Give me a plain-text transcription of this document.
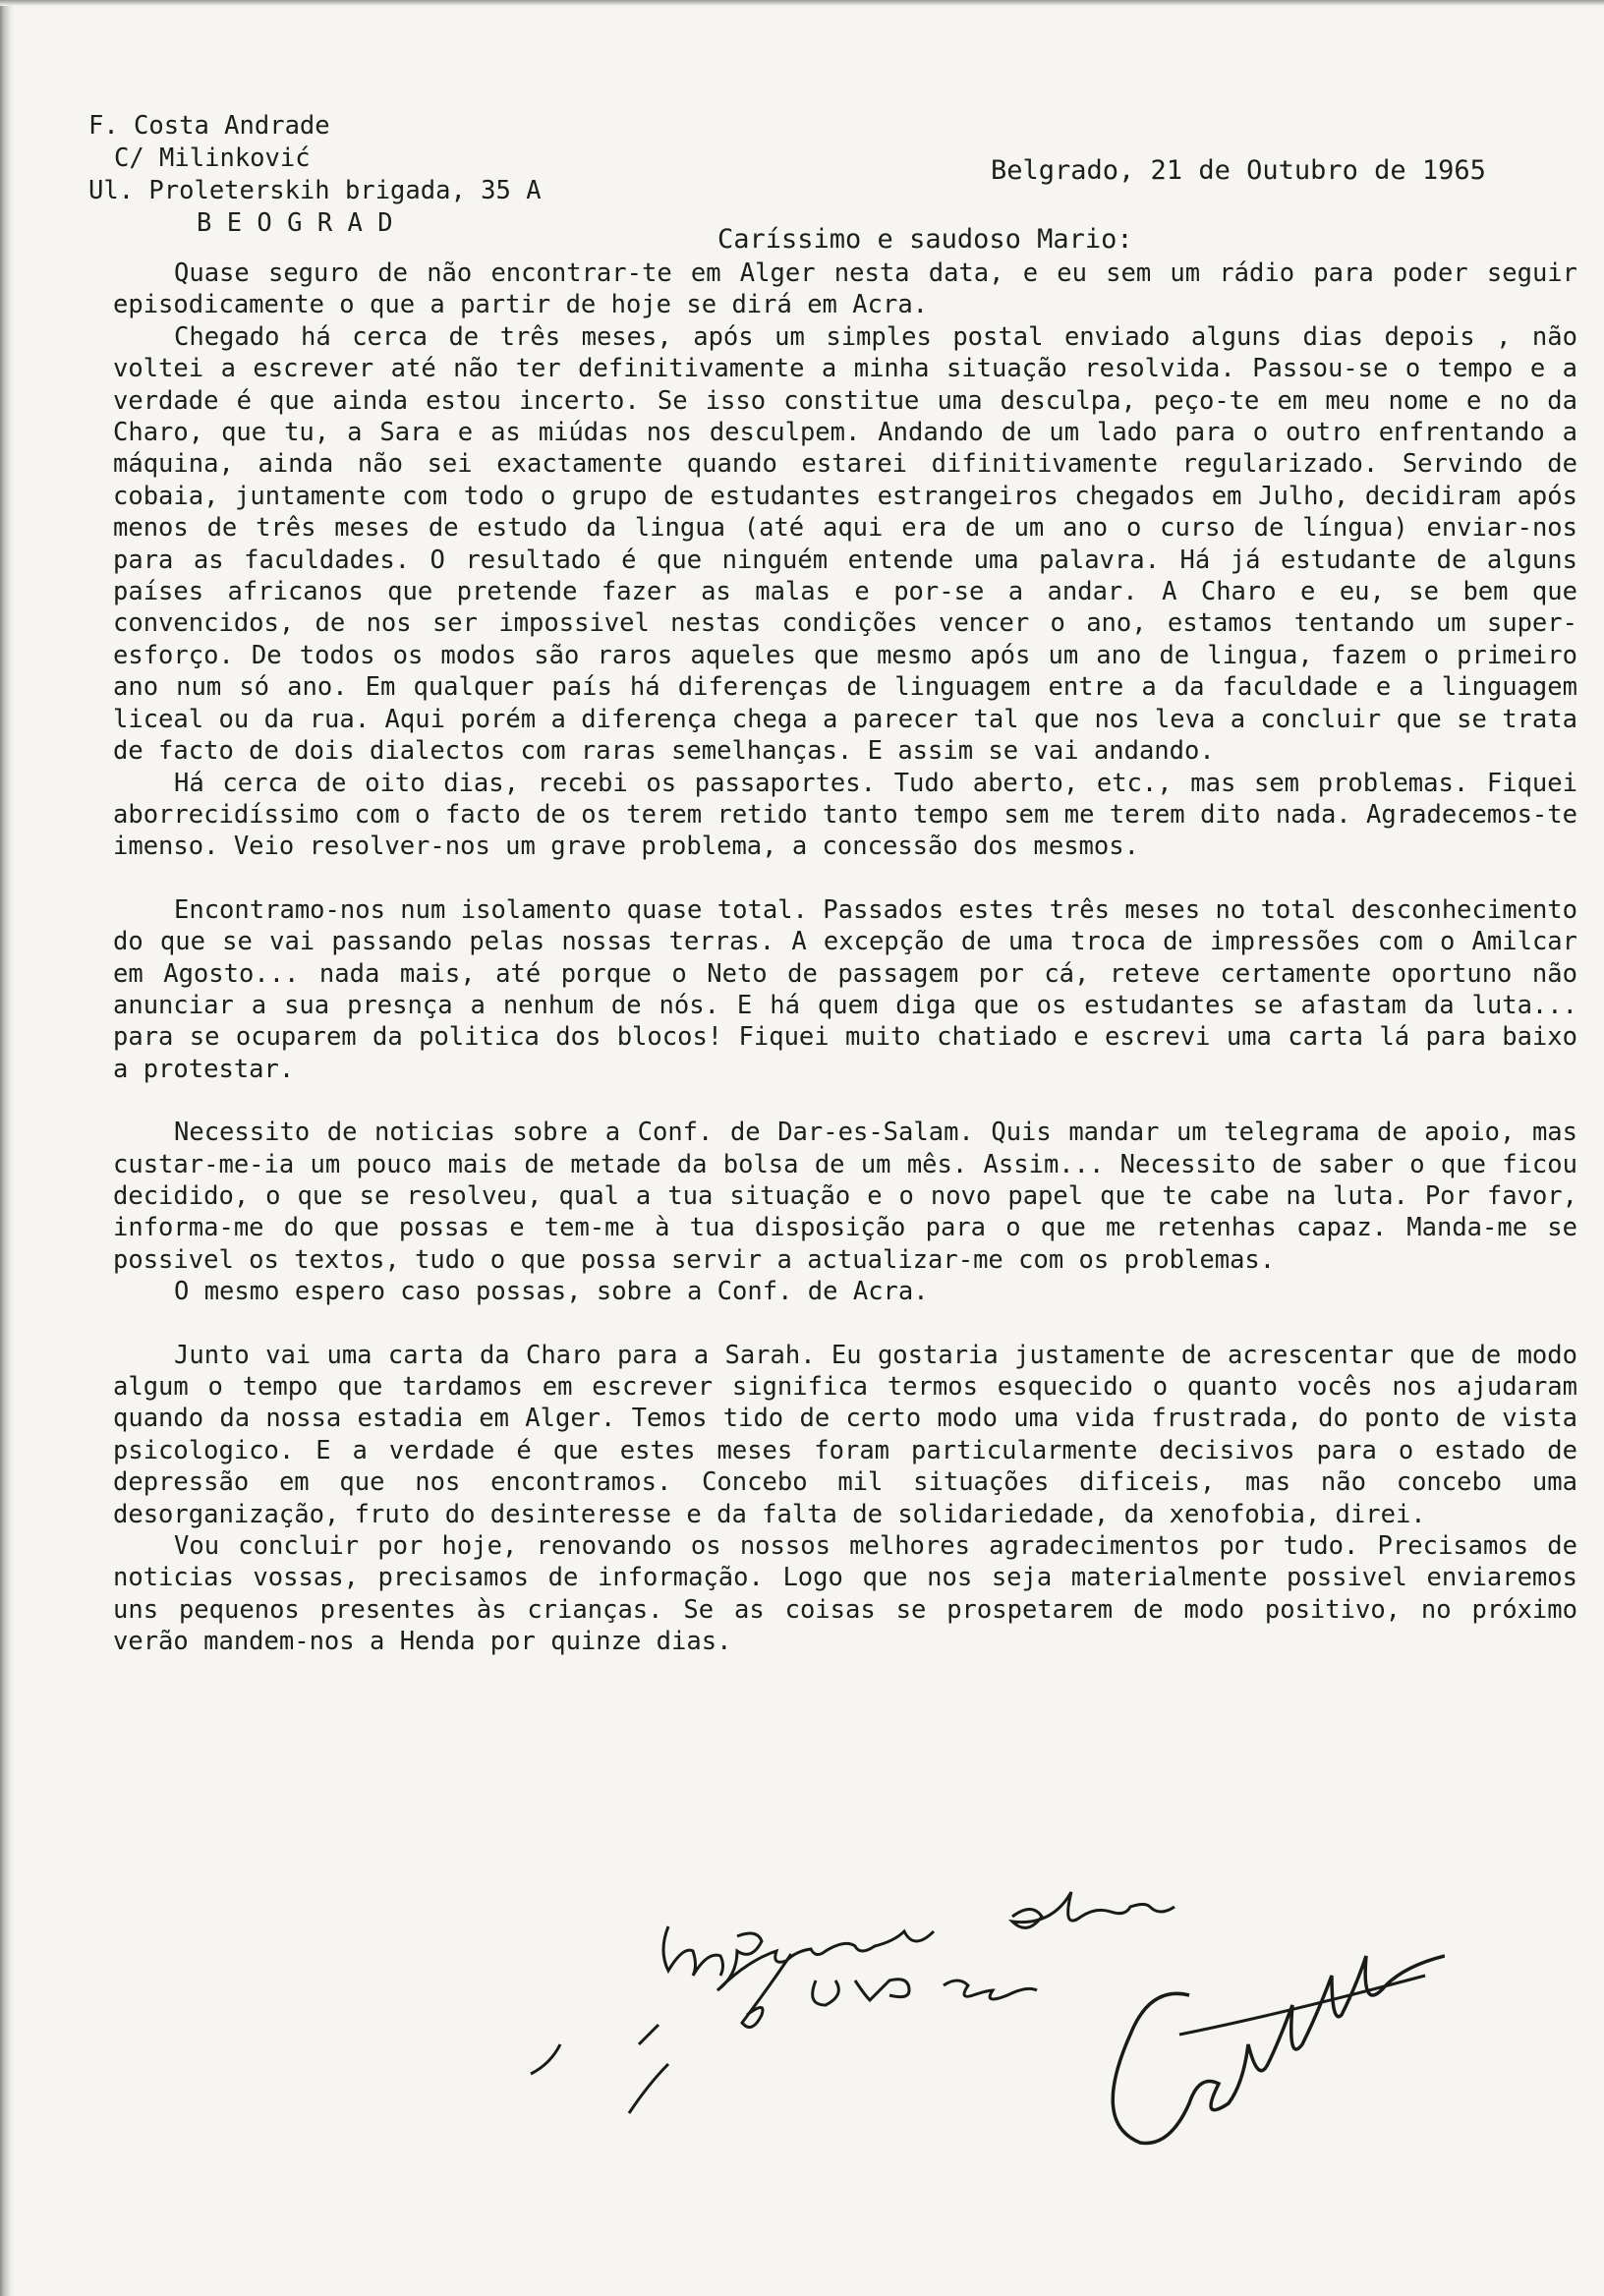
F. Costa Andrade
C/ Milinković
Ul. Proleterskih brigada, 35 A
B E O G R A D
Belgrado, 21 de Outubro de 1965
Caríssimo e saudoso Mario:

Quase seguro de não encontrar-te em Alger nesta data, e eu sem um rádio para poder seguir episodicamente o que a partir de hoje se dirá em Acra.

Chegado há cerca de três meses, após um simples postal enviado alguns dias depois , não voltei a escrever até não ter definitivamente a minha situação resolvida. Passou-se o tempo e a verdade é que ainda estou incerto. Se isso constitue uma desculpa, peço-te em meu nome e no da Charo, que tu, a Sara e as miúdas nos desculpem. Andando de um lado para o outro enfrentando a máquina, ainda não sei exactamente quando estarei difinitivamente regularizado. Servindo de cobaia, juntamente com todo o grupo de estudantes estrangeiros chegados em Julho, decidiram após menos de três meses de estudo da lingua (até aqui era de um ano o curso de língua) enviar-nos para as faculdades. O resultado é que ninguém entende uma palavra. Há já estudante de alguns países africanos que pretende fazer as malas e por-se a andar. A Charo e eu, se bem que convencidos, de nos ser impossivel nestas condições vencer o ano, estamos tentando um super-esforço. De todos os modos são raros aqueles que mesmo após um ano de lingua, fazem o primeiro ano num só ano. Em qualquer país há diferenças de linguagem entre a da faculdade e a linguagem liceal ou da rua. Aqui porém a diferença chega a parecer tal que nos leva a concluir que se trata de facto de dois dialectos com raras semelhanças. E assim se vai andando.

Há cerca de oito dias, recebi os passaportes. Tudo aberto, etc., mas sem problemas. Fiquei aborrecidíssimo com o facto de os terem retido tanto tempo sem me terem dito nada. Agradecemos-te imenso. Veio resolver-nos um grave problema, a concessão dos mesmos.

Encontramo-nos num isolamento quase total. Passados estes três meses no total desconhecimento do que se vai passando pelas nossas terras. A excepção de uma troca de impressões com o Amilcar em Agosto... nada mais, até porque o Neto de passagem por cá, reteve certamente oportuno não anunciar a sua presnça a nenhum de nós. E há quem diga que os estudantes se afastam da luta... para se ocuparem da politica dos blocos! Fiquei muito chatiado e escrevi uma carta lá para baixo a protestar.

Necessito de noticias sobre a Conf. de Dar-es-Salam. Quis mandar um telegrama de apoio, mas custar-me-ia um pouco mais de metade da bolsa de um mês. Assim... Necessito de saber o que ficou decidido, o que se resolveu, qual a tua situação e o novo papel que te cabe na luta. Por favor, informa-me do que possas e tem-me à tua disposição para o que me retenhas capaz. Manda-me se possivel os textos, tudo o que possa servir a actualizar-me com os problemas.

O mesmo espero caso possas, sobre a Conf. de Acra.

Junto vai uma carta da Charo para a Sarah. Eu gostaria justamente de acrescentar que de modo algum o tempo que tardamos em escrever significa termos esquecido o quanto vocês nos ajudaram quando da nossa estadia em Alger. Temos tido de certo modo uma vida frustrada, do ponto de vista psicologico. E a verdade é que estes meses foram particularmente decisivos para o estado de depressão em que nos encontramos. Concebo mil situações dificeis, mas não concebo uma desorganização, fruto do desinteresse e da falta de solidariedade, da xenofobia, direi.

Vou concluir por hoje, renovando os nossos melhores agradecimentos por tudo. Precisamos de noticias vossas, precisamos de informação. Logo que nos seja materialmente possivel enviaremos uns pequenos presentes às crianças. Se as coisas se prospetarem de modo positivo, no próximo verão mandem-nos a Henda por quinze dias.
